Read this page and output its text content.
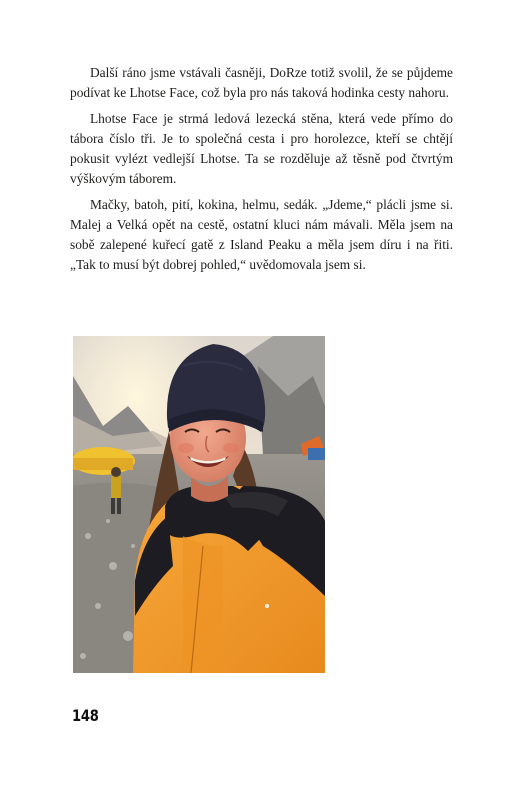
Další ráno jsme vstávali časněji, DoRze totiž svolil, že se půjdeme podívat ke Lhotse Face, což byla pro nás taková hodinka cesty nahoru.

Lhotse Face je strmá ledová lezecká stěna, která vede přímo do tábora číslo tři. Je to společná cesta i pro horolezce, kteří se chtějí pokusit vylézt vedlejší Lhotse. Ta se rozděluje až těsně pod čtvrtým výškovým táborem.

Mačky, batoh, pití, kokina, helmu, sedák. „Jdeme,“ plácli jsme si. Malej a Velká opět na cestě, ostatní kluci nám mávali. Měla jsem na sobě zalepené kuřecí gatě z Island Peaku a měla jsem díru i na řiti. „Tak to musí být dobrej pohled,“ uvědomovala jsem si.

148
